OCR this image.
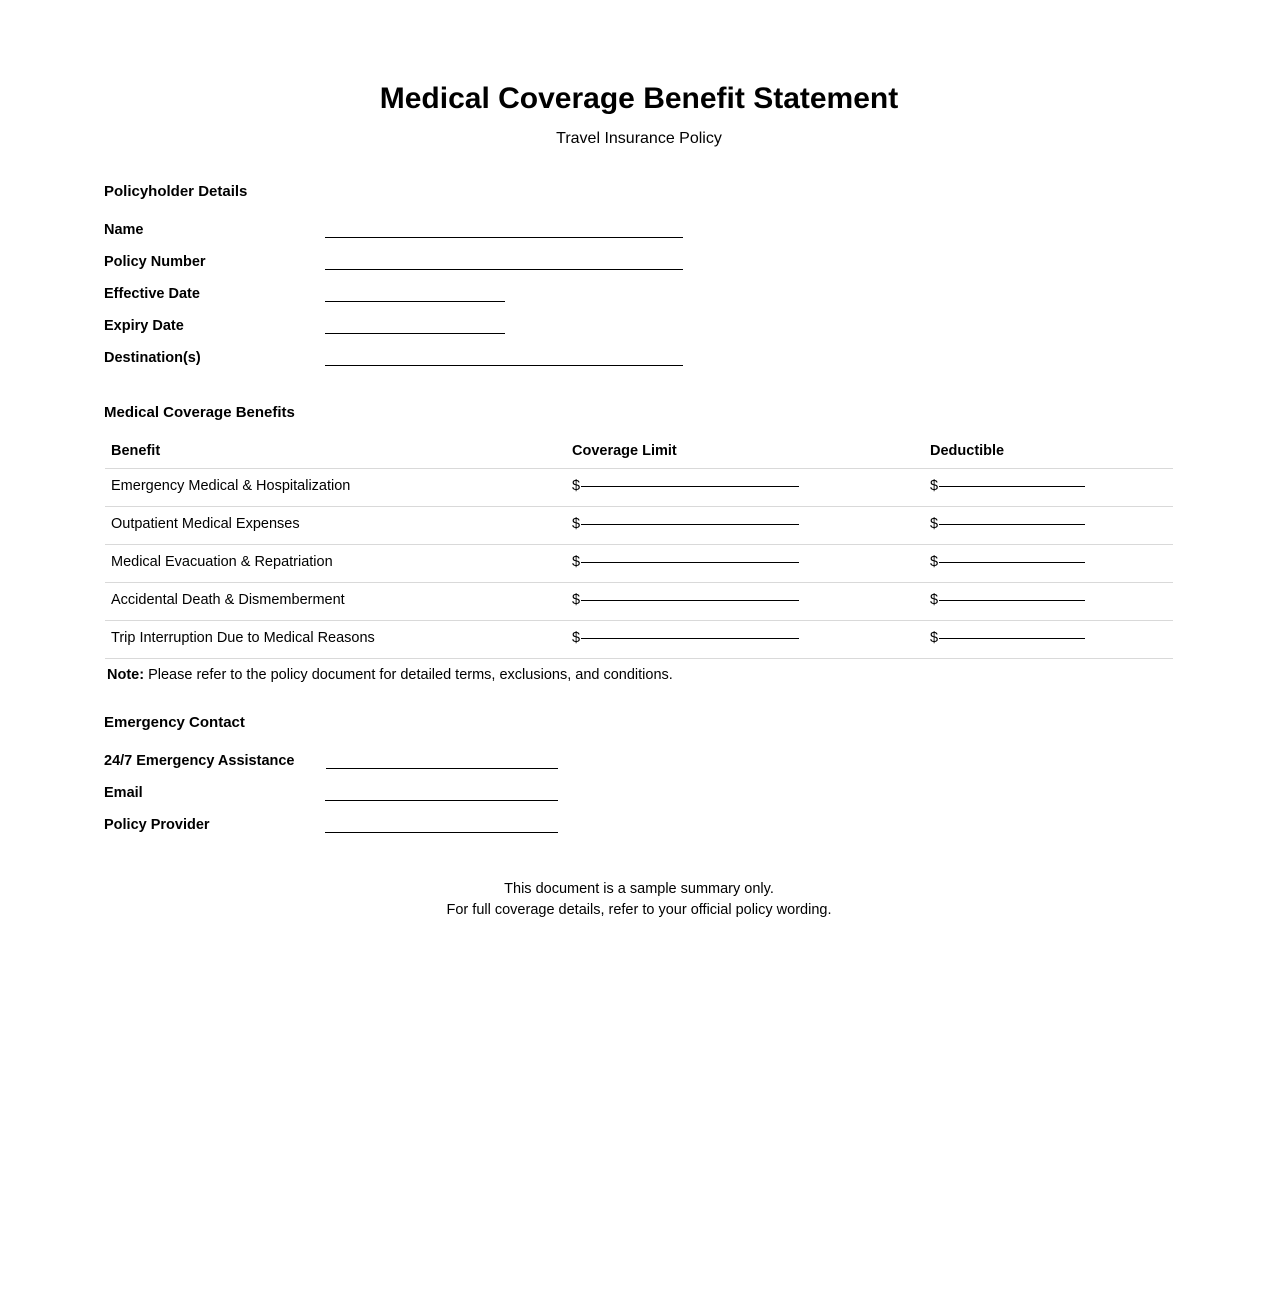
Medical Coverage Benefit Statement
Travel Insurance Policy
Policyholder Details
Name
Policy Number
Effective Date
Expiry Date
Destination(s)
Medical Coverage Benefits
Benefit	Coverage Limit	Deductible
Emergency Medical & Hospitalization	$	$
Outpatient Medical Expenses	$	$
Medical Evacuation & Repatriation	$	$
Accidental Death & Dismemberment	$	$
Trip Interruption Due to Medical Reasons	$	$
Note: Please refer to the policy document for detailed terms, exclusions, and conditions.
Emergency Contact
24/7 Emergency Assistance
Email
Policy Provider
This document is a sample summary only.
For full coverage details, refer to your official policy wording.
